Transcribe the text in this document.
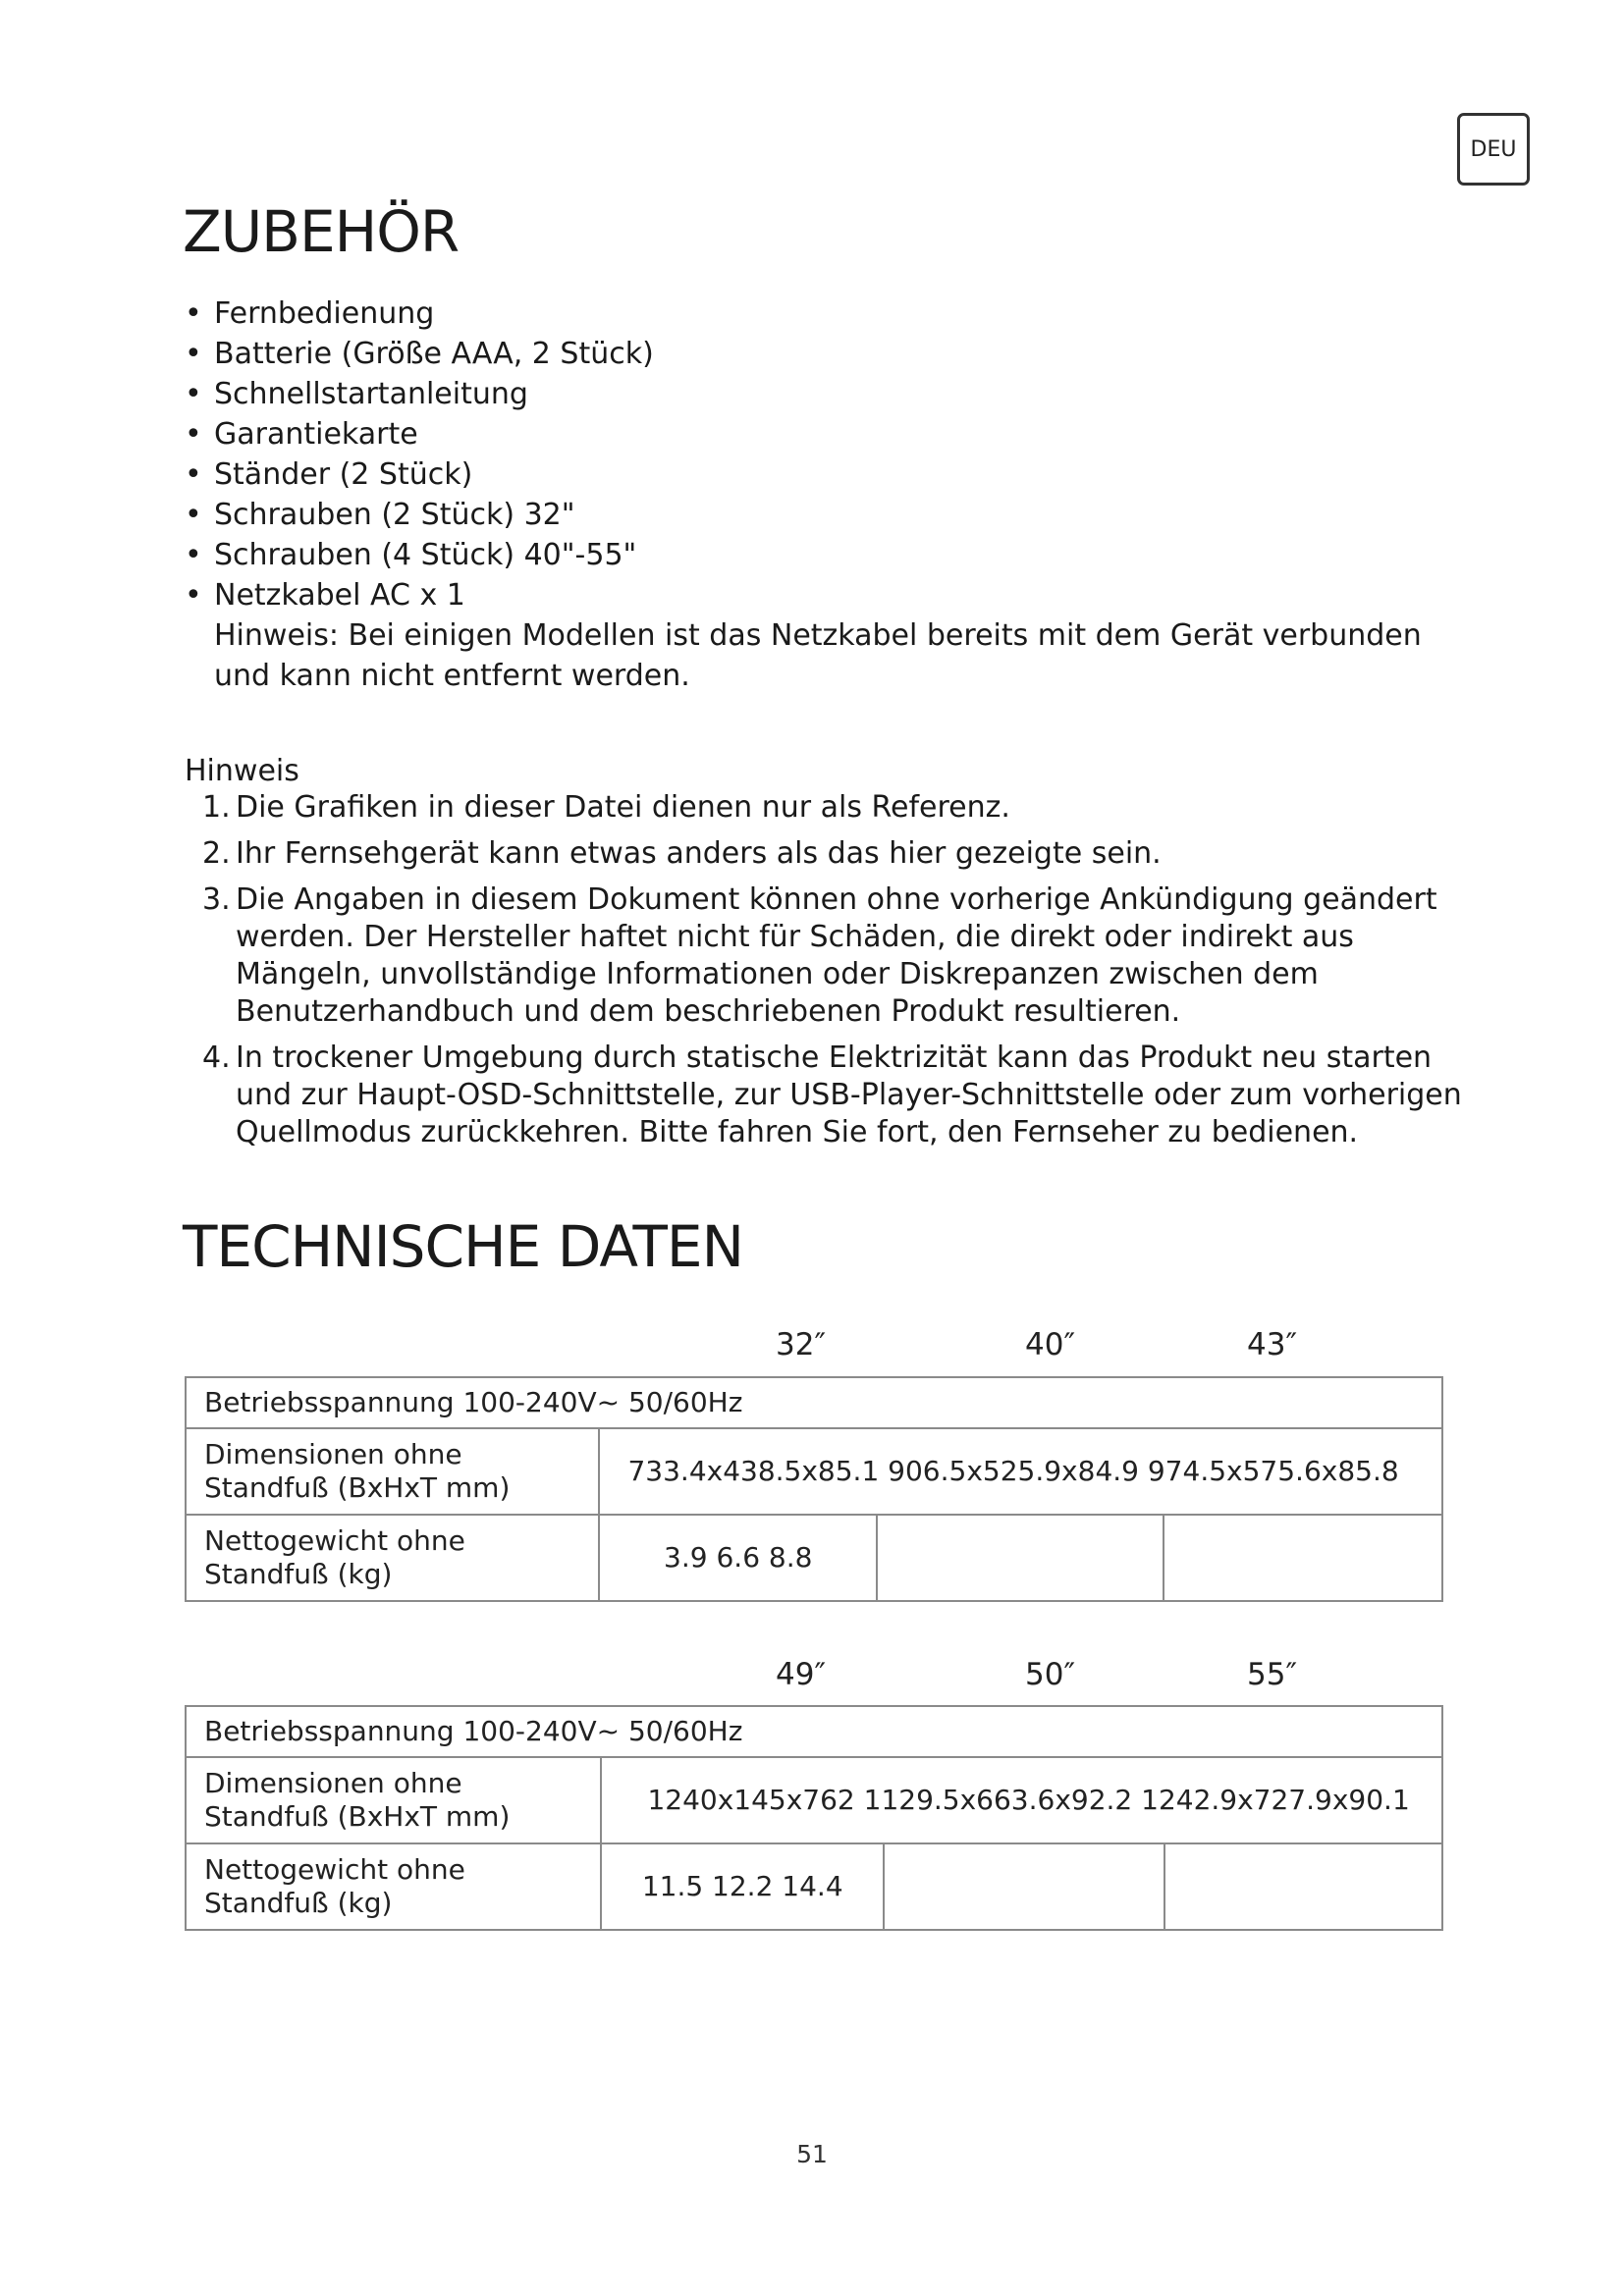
DEU
ZUBEHÖR
• Fernbedienung
• Batterie (Größe AAA, 2 Stück)
• Schnellstartanleitung
• Garantiekarte
• Ständer (2 Stück)
• Schrauben (2 Stück) 32"
• Schrauben (4 Stück) 40"-55"
• Netzkabel AC x 1
Hinweis: Bei einigen Modellen ist das Netzkabel bereits mit dem Gerät verbunden und kann nicht entfernt werden.
Hinweis
1. Die Grafiken in dieser Datei dienen nur als Referenz.
2. Ihr Fernsehgerät kann etwas anders als das hier gezeigte sein.
3. Die Angaben in diesem Dokument können ohne vorherige Ankündigung geändert werden. Der Hersteller haftet nicht für Schäden, die direkt oder indirekt aus Mängeln, unvollständige Informationen oder Diskrepanzen zwischen dem Benutzerhandbuch und dem beschriebenen Produkt resultieren.
4. In trockener Umgebung durch statische Elektrizität kann das Produkt neu starten und zur Haupt-OSD-Schnittstelle, zur USB-Player-Schnittstelle oder zum vorherigen Quellmodus zurückkehren. Bitte fahren Sie fort, den Fernseher zu bedienen.
TECHNISCHE DATEN
32″	40″	43″
Betriebsspannung 100-240V~ 50/60Hz			
Dimensionen ohne Standfuß (BxHxT mm)	733.4x438.5x85.1 906.5x525.9x84.9 974.5x575.6x85.8		
Nettogewicht ohne Standfuß (kg)	3.9 6.6 8.8		
49″	50″	55″
Betriebsspannung 100-240V~ 50/60Hz			
Dimensionen ohne Standfuß (BxHxT mm)	1240x145x762 1129.5x663.6x92.2 1242.9x727.9x90.1		
Nettogewicht ohne Standfuß (kg)	11.5 12.2 14.4		
51
